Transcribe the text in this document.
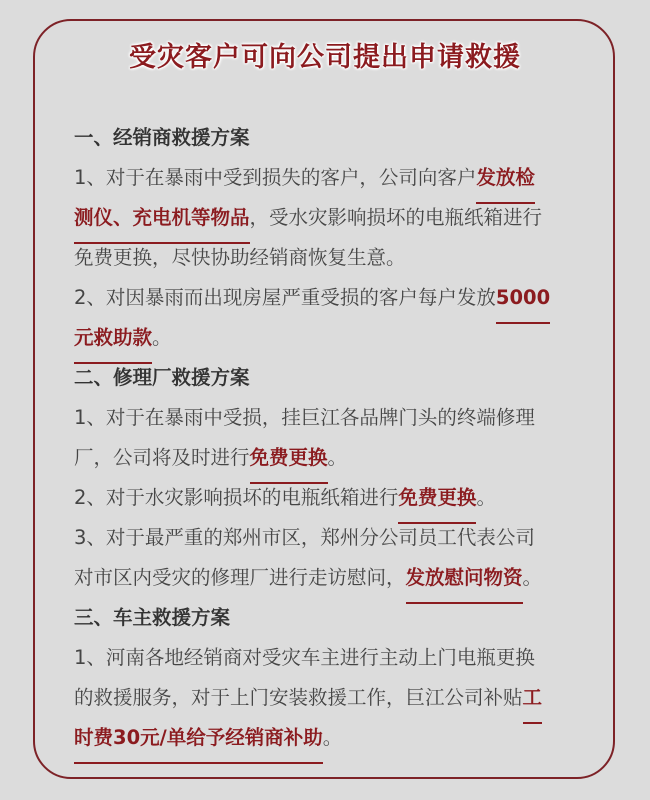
受灾客户可向公司提出申请救援
一、经销商救援方案
1、对于在暴雨中受到损失的客户，公司向客户发放检
测仪、充电机等物品，受水灾影响损坏的电瓶纸箱进行
免费更换，尽快协助经销商恢复生意。
2、对因暴雨而出现房屋严重受损的客户每户发放5000
元救助款。
二、修理厂救援方案
1、对于在暴雨中受损，挂巨江各品牌门头的终端修理
厂，公司将及时进行免费更换。
2、对于水灾影响损坏的电瓶纸箱进行免费更换。
3、对于最严重的郑州市区，郑州分公司员工代表公司
对市区内受灾的修理厂进行走访慰问，发放慰问物资。
三、车主救援方案
1、河南各地经销商对受灾车主进行主动上门电瓶更换
的救援服务，对于上门安装救援工作，巨江公司补贴工
时费30元/单给予经销商补助。
